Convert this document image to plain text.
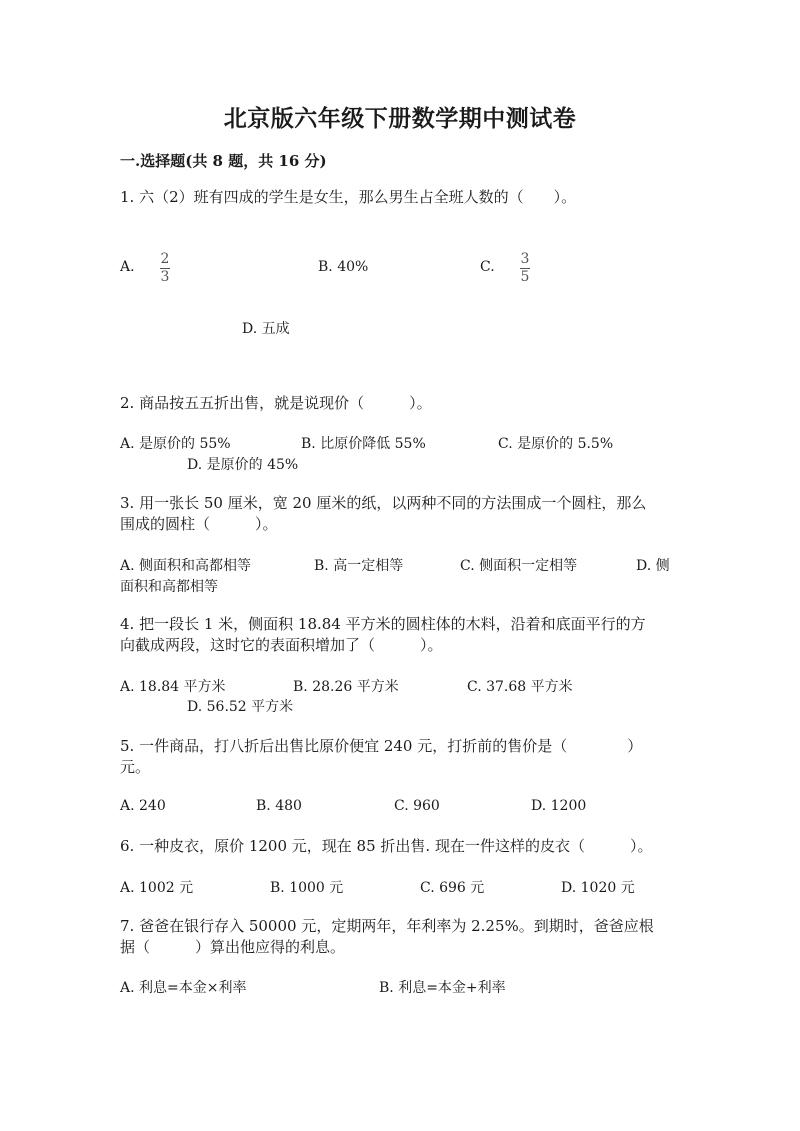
北京版六年级下册数学期中测试卷
一.选择题(共 8 题，共 16 分)
1. 六（2）班有四成的学生是女生，那么男生占全班人数的（　　）。
A. 2
3
B. 40%	C. 3
5
D. 五成
2. 商品按五五折出售，就是说现价（　　　）。
A. 是原价的 55%	B. 比原价降低 55%	C. 是原价的 5.5%
D. 是原价的 45%
3. 用一张长 50 厘米，宽 20 厘米的纸，以两种不同的方法围成一个圆柱，那么
围成的圆柱（　　　）。
A. 侧面积和高都相等	B. 高一定相等	C. 侧面积一定相等	D. 侧
面积和高都相等
4. 把一段长 1 米，侧面积 18.84 平方米的圆柱体的木料，沿着和底面平行的方
向截成两段，这时它的表面积增加了（　　　）。
A. 18.84 平方米	B. 28.26 平方米	C. 37.68 平方米
D. 56.52 平方米
5. 一件商品，打八折后出售比原价便宜 240 元，打折前的售价是（　　　　）
元。
A. 240	B. 480	C. 960	D. 1200
6. 一种皮衣，原价 1200 元，现在 85 折出售. 现在一件这样的皮衣（　　　）。
A. 1002 元	B. 1000 元	C. 696 元	D. 1020 元
7. 爸爸在银行存入 50000 元，定期两年，年利率为 2.25%。到期时，爸爸应根
据（　　　）算出他应得的利息。
A. 利息=本金×利率	B. 利息=本金+利率
